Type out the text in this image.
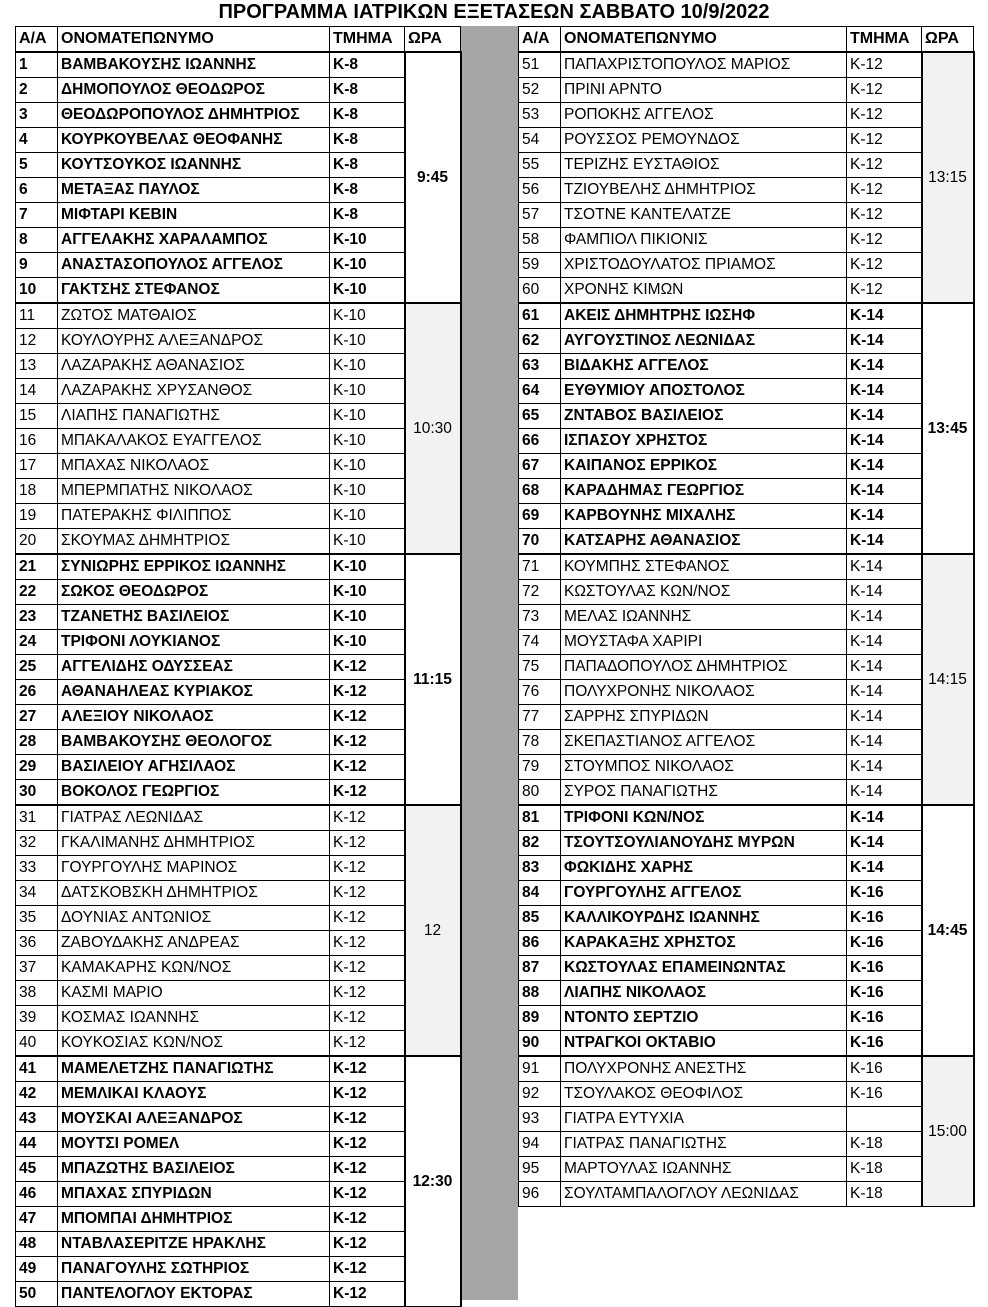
ΠΡΟΓΡΑΜΜΑ ΙΑΤΡΙΚΩΝ ΕΞΕΤΑΣΕΩΝ ΣΑΒΒΑΤΟ 10/9/2022
Α/Α	ΟΝΟΜΑΤΕΠΩΝΥΜΟ	ΤΜΗΜΑ	ΩΡΑ
1	ΒΑΜΒΑΚΟΥΣΗΣ ΙΩΑΝΝΗΣ	Κ-8	9:45
2	ΔΗΜΟΠΟΥΛΟΣ ΘΕΟΔΩΡΟΣ	Κ-8	
3	ΘΕΟΔΩΡΟΠΟΥΛΟΣ ΔΗΜΗΤΡΙΟΣ	Κ-8	
4	ΚΟΥΡΚΟΥΒΕΛΑΣ ΘΕΟΦΑΝΗΣ	Κ-8	
5	ΚΟΥΤΣΟΥΚΟΣ ΙΩΑΝΝΗΣ	Κ-8	
6	ΜΕΤΑΞΑΣ ΠΑΥΛΟΣ	Κ-8	
7	ΜΙΦΤΑΡΙ ΚΕΒΙΝ	Κ-8	
8	ΑΓΓΕΛΑΚΗΣ ΧΑΡΑΛΑΜΠΟΣ	Κ-10	
9	ΑΝΑΣΤΑΣΟΠΟΥΛΟΣ ΑΓΓΕΛΟΣ	Κ-10	
10	ΓΑΚΤΣΗΣ ΣΤΕΦΑΝΟΣ	Κ-10	
11	ΖΩΤΟΣ ΜΑΤΘΑΙΟΣ	Κ-10	10:30
12	ΚΟΥΛΟΥΡΗΣ ΑΛΕΞΑΝΔΡΟΣ	Κ-10	
13	ΛΑΖΑΡΑΚΗΣ ΑΘΑΝΑΣΙΟΣ	Κ-10	
14	ΛΑΖΑΡΑΚΗΣ ΧΡΥΣΑΝΘΟΣ	Κ-10	
15	ΛΙΑΠΗΣ ΠΑΝΑΓΙΩΤΗΣ	Κ-10	
16	ΜΠΑΚΑΛΑΚΟΣ ΕΥΑΓΓΕΛΟΣ	Κ-10	
17	ΜΠΑΧΑΣ ΝΙΚΟΛΑΟΣ	Κ-10	
18	ΜΠΕΡΜΠΑΤΗΣ ΝΙΚΟΛΑΟΣ	Κ-10	
19	ΠΑΤΕΡΑΚΗΣ ΦΙΛΙΠΠΟΣ	Κ-10	
20	ΣΚΟΥΜΑΣ ΔΗΜΗΤΡΙΟΣ	Κ-10	
21	ΣΥΝΙΩΡΗΣ ΕΡΡΙΚΟΣ ΙΩΑΝΝΗΣ	Κ-10	11:15
22	ΣΩΚΟΣ ΘΕΟΔΩΡΟΣ	Κ-10	
23	ΤΖΑΝΕΤΗΣ ΒΑΣΙΛΕΙΟΣ	Κ-10	
24	ΤΡΙΦΟΝΙ ΛΟΥΚΙΑΝΟΣ	Κ-10	
25	ΑΓΓΕΛΙΔΗΣ ΟΔΥΣΣΕΑΣ	Κ-12	
26	ΑΘΑΝΑΗΛΕΑΣ ΚΥΡΙΑΚΟΣ	Κ-12	
27	ΑΛΕΞΙΟΥ ΝΙΚΟΛΑΟΣ	Κ-12	
28	ΒΑΜΒΑΚΟΥΣΗΣ ΘΕΟΛΟΓΟΣ	Κ-12	
29	ΒΑΣΙΛΕΙΟΥ ΑΓΗΣΙΛΑΟΣ	Κ-12	
30	ΒΟΚΟΛΟΣ ΓΕΩΡΓΙΟΣ	Κ-12	
31	ΓΙΑΤΡΑΣ ΛΕΩΝΙΔΑΣ	Κ-12	12
32	ΓΚΑΛΙΜΑΝΗΣ ΔΗΜΗΤΡΙΟΣ	Κ-12	
33	ΓΟΥΡΓΟΥΛΗΣ ΜΑΡΙΝΟΣ	Κ-12	
34	ΔΑΤΣΚΟΒΣΚΗ ΔΗΜΗΤΡΙΟΣ	Κ-12	
35	ΔΟΥΝΙΑΣ ΑΝΤΩΝΙΟΣ	Κ-12	
36	ΖΑΒΟΥΔΑΚΗΣ ΑΝΔΡΕΑΣ	Κ-12	
37	ΚΑΜΑΚΑΡΗΣ ΚΩΝ/ΝΟΣ	Κ-12	
38	ΚΑΣΜΙ ΜΑΡΙΟ	Κ-12	
39	ΚΟΣΜΑΣ ΙΩΑΝΝΗΣ	Κ-12	
40	ΚΟΥΚΟΣΙΑΣ ΚΩΝ/ΝΟΣ	Κ-12	
41	ΜΑΜΕΛΕΤΖΗΣ ΠΑΝΑΓΙΩΤΗΣ	Κ-12	12:30
42	ΜΕΜΛΙΚΑΙ ΚΛΑΟΥΣ	Κ-12	
43	ΜΟΥΣΚΑΙ ΑΛΕΞΑΝΔΡΟΣ	Κ-12	
44	ΜΟΥΤΣΙ ΡΟΜΕΛ	Κ-12	
45	ΜΠΑΖΩΤΗΣ ΒΑΣΙΛΕΙΟΣ	Κ-12	
46	ΜΠΑΧΑΣ ΣΠΥΡΙΔΩΝ	Κ-12	
47	ΜΠΟΜΠΑΙ ΔΗΜΗΤΡΙΟΣ	Κ-12	
48	ΝΤΑΒΛΑΣΕΡΙΤΖΕ ΗΡΑΚΛΗΣ	Κ-12	
49	ΠΑΝΑΓΟΥΛΗΣ ΣΩΤΗΡΙΟΣ	Κ-12	
50	ΠΑΝΤΕΛΟΓΛΟΥ ΕΚΤΟΡΑΣ	Κ-12	
Α/Α	ΟΝΟΜΑΤΕΠΩΝΥΜΟ	ΤΜΗΜΑ	ΩΡΑ
51	ΠΑΠΑΧΡΙΣΤΟΠΟΥΛΟΣ ΜΑΡΙΟΣ	Κ-12	13:15
52	ΠΡΙΝΙ ΑΡΝΤΟ	Κ-12	
53	ΡΟΠΟΚΗΣ ΑΓΓΕΛΟΣ	Κ-12	
54	ΡΟΥΣΣΟΣ ΡΕΜΟΥΝΔΟΣ	Κ-12	
55	ΤΕΡΙΖΗΣ ΕΥΣΤΑΘΙΟΣ	Κ-12	
56	ΤΖΙΟΥΒΕΛΗΣ ΔΗΜΗΤΡΙΟΣ	Κ-12	
57	ΤΣΟΤΝΕ ΚΑΝΤΕΛΑΤΖΕ	Κ-12	
58	ΦΑΜΠΙΟΛ ΠΙΚΙΟΝΙΣ	Κ-12	
59	ΧΡΙΣΤΟΔΟΥΛΑΤΟΣ ΠΡΙΑΜΟΣ	Κ-12	
60	ΧΡΟΝΗΣ ΚΙΜΩΝ	Κ-12	
61	ΑΚΕΙΣ ΔΗΜΗΤΡΗΣ ΙΩΣΗΦ	Κ-14	13:45
62	ΑΥΓΟΥΣΤΙΝΟΣ ΛΕΩΝΙΔΑΣ	Κ-14	
63	ΒΙΔΑΚΗΣ ΑΓΓΕΛΟΣ	Κ-14	
64	ΕΥΘΥΜΙΟΥ ΑΠΟΣΤΟΛΟΣ	Κ-14	
65	ΖΝΤΑΒΟΣ ΒΑΣΙΛΕΙΟΣ	Κ-14	
66	ΙΣΠΑΣΟΥ ΧΡΗΣΤΟΣ	Κ-14	
67	ΚΑΙΠΑΝΟΣ ΕΡΡΙΚΟΣ	Κ-14	
68	ΚΑΡΑΔΗΜΑΣ ΓΕΩΡΓΙΟΣ	Κ-14	
69	ΚΑΡΒΟΥΝΗΣ ΜΙΧΑΛΗΣ	Κ-14	
70	ΚΑΤΣΑΡΗΣ ΑΘΑΝΑΣΙΟΣ	Κ-14	
71	ΚΟΥΜΠΗΣ ΣΤΕΦΑΝΟΣ	Κ-14	14:15
72	ΚΩΣΤΟΥΛΑΣ ΚΩΝ/ΝΟΣ	Κ-14	
73	ΜΕΛΑΣ ΙΩΑΝΝΗΣ	Κ-14	
74	ΜΟΥΣΤΑΦΑ ΧΑΡΙΡΙ	Κ-14	
75	ΠΑΠΑΔΟΠΟΥΛΟΣ ΔΗΜΗΤΡΙΟΣ	Κ-14	
76	ΠΟΛΥΧΡΟΝΗΣ ΝΙΚΟΛΑΟΣ	Κ-14	
77	ΣΑΡΡΗΣ ΣΠΥΡΙΔΩΝ	Κ-14	
78	ΣΚΕΠΑΣΤΙΑΝΟΣ ΑΓΓΕΛΟΣ	Κ-14	
79	ΣΤΟΥΜΠΟΣ ΝΙΚΟΛΑΟΣ	Κ-14	
80	ΣΥΡΟΣ ΠΑΝΑΓΙΩΤΗΣ	Κ-14	
81	ΤΡΙΦΟΝΙ ΚΩΝ/ΝΟΣ	Κ-14	14:45
82	ΤΣΟΥΤΣΟΥΛΙΑΝΟΥΔΗΣ ΜΥΡΩΝ	Κ-14	
83	ΦΩΚΙΔΗΣ ΧΑΡΗΣ	Κ-14	
84	ΓΟΥΡΓΟΥΛΗΣ ΑΓΓΕΛΟΣ	Κ-16	
85	ΚΑΛΛΙΚΟΥΡΔΗΣ ΙΩΑΝΝΗΣ	Κ-16	
86	ΚΑΡΑΚΑΞΗΣ ΧΡΗΣΤΟΣ	Κ-16	
87	ΚΩΣΤΟΥΛΑΣ ΕΠΑΜΕΙΝΩΝΤΑΣ	Κ-16	
88	ΛΙΑΠΗΣ ΝΙΚΟΛΑΟΣ	Κ-16	
89	ΝΤΟΝΤΟ ΣΕΡΤΖΙΟ	Κ-16	
90	ΝΤΡΑΓΚΟΙ ΟΚΤΑΒΙΟ	Κ-16	
91	ΠΟΛΥΧΡΟΝΗΣ ΑΝΕΣΤΗΣ	Κ-16	15:00
92	ΤΣΟΥΛΑΚΟΣ ΘΕΟΦΙΛΟΣ	Κ-16	
93	ΓΙΑΤΡΑ ΕΥΤΥΧΙΑ		
94	ΓΙΑΤΡΑΣ ΠΑΝΑΓΙΩΤΗΣ	Κ-18	
95	ΜΑΡΤΟΥΛΑΣ ΙΩΑΝΝΗΣ	Κ-18	
96	ΣΟΥΛΤΑΜΠΑΛΟΓΛΟΥ ΛΕΩΝΙΔΑΣ	Κ-18	
